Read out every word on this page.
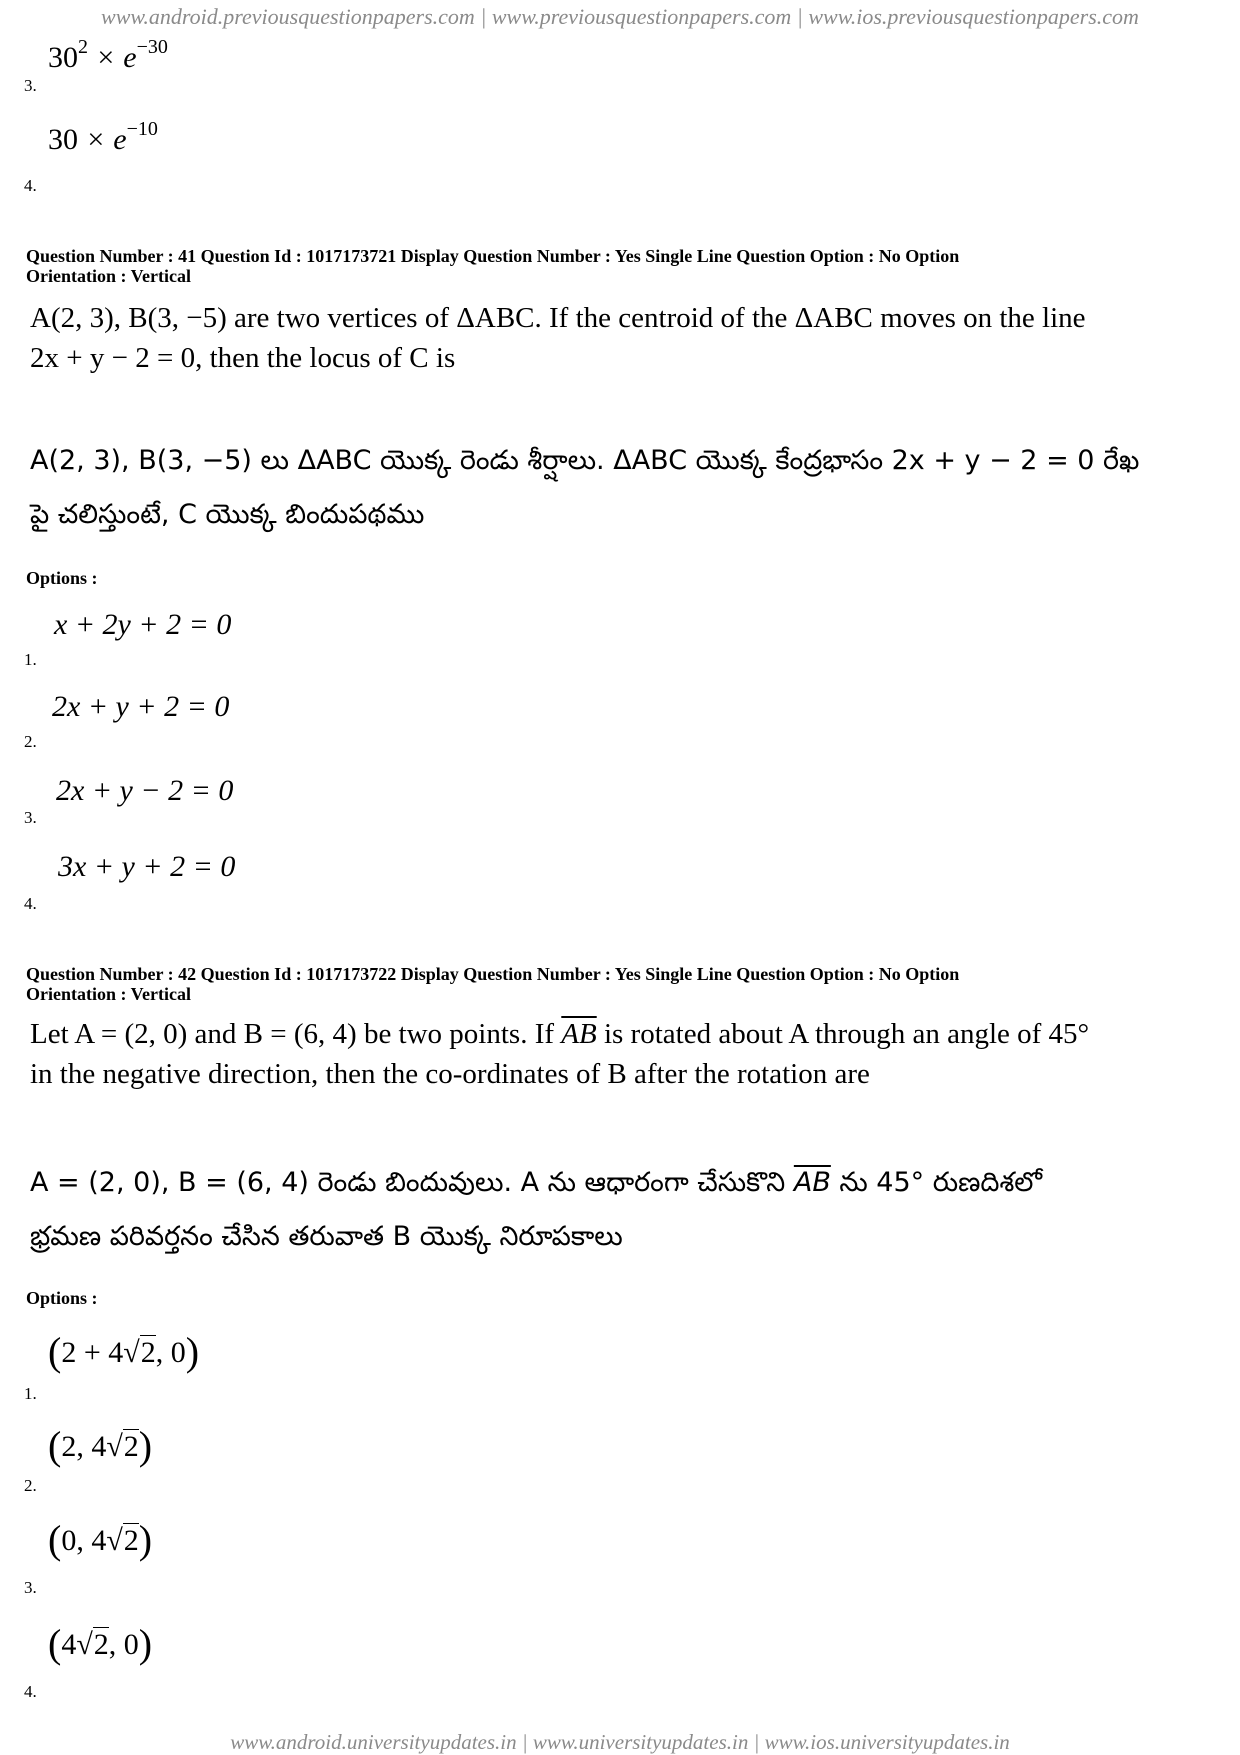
www.android.previousquestionpapers.com | www.previousquestionpapers.com | www.ios.previousquestionpapers.com
$30^2 \times e^{-30}$
3.
$30 \times e^{-10}$
4.
Question Number : 41 Question Id : 1017173721 Display Question Number : Yes Single Line Question Option : No Option
Orientation : Vertical
A(2, 3), B(3, −5) are two vertices of ΔABC. If the centroid of the ΔABC moves on the line
2x + y − 2 = 0, then the locus of C is
A(2, 3), B(3, −5) లు ΔABC యొక్క రెండు శీర్షాలు. ΔABC యొక్క కేంద్రభాసం 2x + y − 2 = 0 రేఖ
పై చలిస్తుంటే, C యొక్క బిందుపథము
Options :
x + 2y + 2 = 0
1.
2x + y + 2 = 0
2.
2x + y − 2 = 0
3.
3x + y + 2 = 0
4.
Question Number : 42 Question Id : 1017173722 Display Question Number : Yes Single Line Question Option : No Option
Orientation : Vertical
Let A = (2, 0) and B = (6, 4) be two points. If $\overline{AB}$ is rotated about A through an angle of 45°
in the negative direction, then the co-ordinates of B after the rotation are
A = (2, 0), B = (6, 4) రెండు బిందువులు. A ను ఆధారంగా చేసుకొని $\overline{AB}$ ను 45° రుణదిశలో
భ్రమణ పరివర్తనం చేసిన తరువాత B యొక్క నిరూపకాలు
Options :
(2 + 4√2, 0)
1.
(2, 4√2)
2.
(0, 4√2)
3.
(4√2, 0)
4.
www.android.universityupdates.in | www.universityupdates.in | www.ios.universityupdates.in
